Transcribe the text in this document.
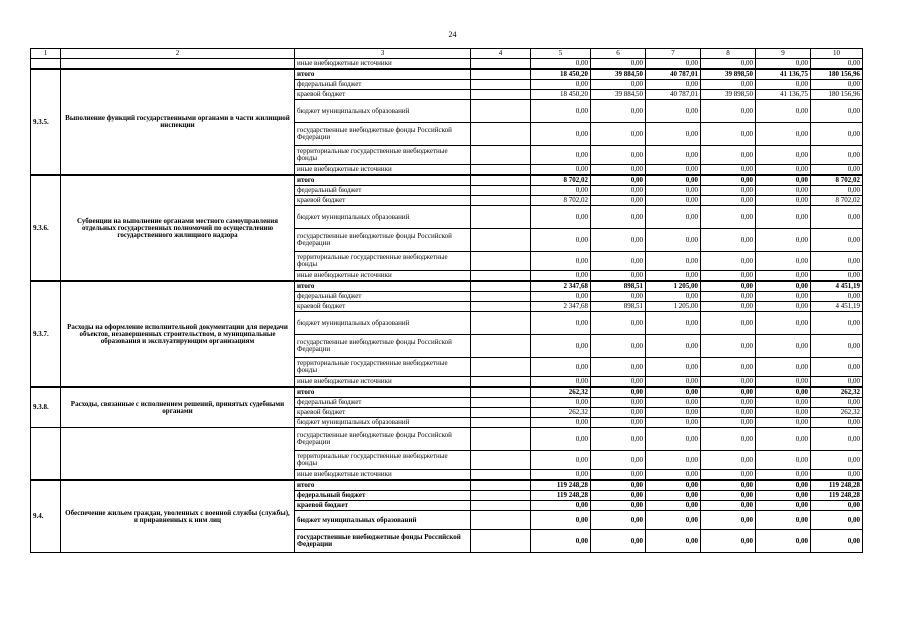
24
1	2	3	4	5	6	7	8	9	10
		иные внебюджетные источники		0,00	0,00	0,00	0,00	0,00	0,00
9.3.5.	Выполнение функций государственными органами в части жилищной инспекции	итого		18 450,20	39 884,50	40 787,01	39 898,50	41 136,75	180 156,96
		федеральный бюджет		0,00	0,00	0,00	0,00	0,00	0,00
		краевой бюджет		18 450,20	39 884,50	40 787,01	39 898,50	41 136,75	180 156,96
		бюджет муниципальных образований		0,00	0,00	0,00	0,00	0,00	0,00
		государственные внебюджетные фонды Российской Федерации		0,00	0,00	0,00	0,00	0,00	0,00
		территориальные государственные внебюджетные фонды		0,00	0,00	0,00	0,00	0,00	0,00
		иные внебюджетные источники		0,00	0,00	0,00	0,00	0,00	0,00
9.3.6.	Субвенции на выполнение органами местного самоуправления отдельных государственных полномочий по осуществлению государственного жилищного надзора	итого		8 702,02	0,00	0,00	0,00	0,00	8 702,02
		федеральный бюджет		0,00	0,00	0,00	0,00	0,00	0,00
		краевой бюджет		8 702,02	0,00	0,00	0,00	0,00	8 702,02
		бюджет муниципальных образований		0,00	0,00	0,00	0,00	0,00	0,00
		государственные внебюджетные фонды Российской Федерации		0,00	0,00	0,00	0,00	0,00	0,00
		территориальные государственные внебюджетные фонды		0,00	0,00	0,00	0,00	0,00	0,00
		иные внебюджетные источники		0,00	0,00	0,00	0,00	0,00	0,00
9.3.7.	Расходы на оформление исполнительной документации для передачи объектов, незавершенных строительством, в муниципальные образования и эксплуатирующим организациям	итого		2 347,68	898,51	1 205,00	0,00	0,00	4 451,19
		федеральный бюджет		0,00	0,00	0,00	0,00	0,00	0,00
		краевой бюджет		2 347,68	898,51	1 205,00	0,00	0,00	4 451,19
		бюджет муниципальных образований		0,00	0,00	0,00	0,00	0,00	0,00
		государственные внебюджетные фонды Российской Федерации		0,00	0,00	0,00	0,00	0,00	0,00
		территориальные государственные внебюджетные фонды		0,00	0,00	0,00	0,00	0,00	0,00
		иные внебюджетные источники		0,00	0,00	0,00	0,00	0,00	0,00
9.3.8.	Расходы, связанные с исполнением решений, принятых судебными органами	итого		262,32	0,00	0,00	0,00	0,00	262,32
		федеральный бюджет		0,00	0,00	0,00	0,00	0,00	0,00
		краевой бюджет		262,32	0,00	0,00	0,00	0,00	262,32
		бюджет муниципальных образований		0,00	0,00	0,00	0,00	0,00	0,00
		государственные внебюджетные фонды Российской Федерации		0,00	0,00	0,00	0,00	0,00	0,00
		территориальные государственные внебюджетные фонды		0,00	0,00	0,00	0,00	0,00	0,00
		иные внебюджетные источники		0,00	0,00	0,00	0,00	0,00	0,00
9.4.	Обеспечение жильем граждан, уволенных с военной службы (службы), и приравненных к ним лиц	итого		119 248,28	0,00	0,00	0,00	0,00	119 248,28
		федеральный бюджет		119 248,28	0,00	0,00	0,00	0,00	119 248,28
		краевой бюджет		0,00	0,00	0,00	0,00	0,00	0,00
		бюджет муниципальных образований		0,00	0,00	0,00	0,00	0,00	0,00
		государственные внебюджетные фонды Российской Федерации		0,00	0,00	0,00	0,00	0,00	0,00
